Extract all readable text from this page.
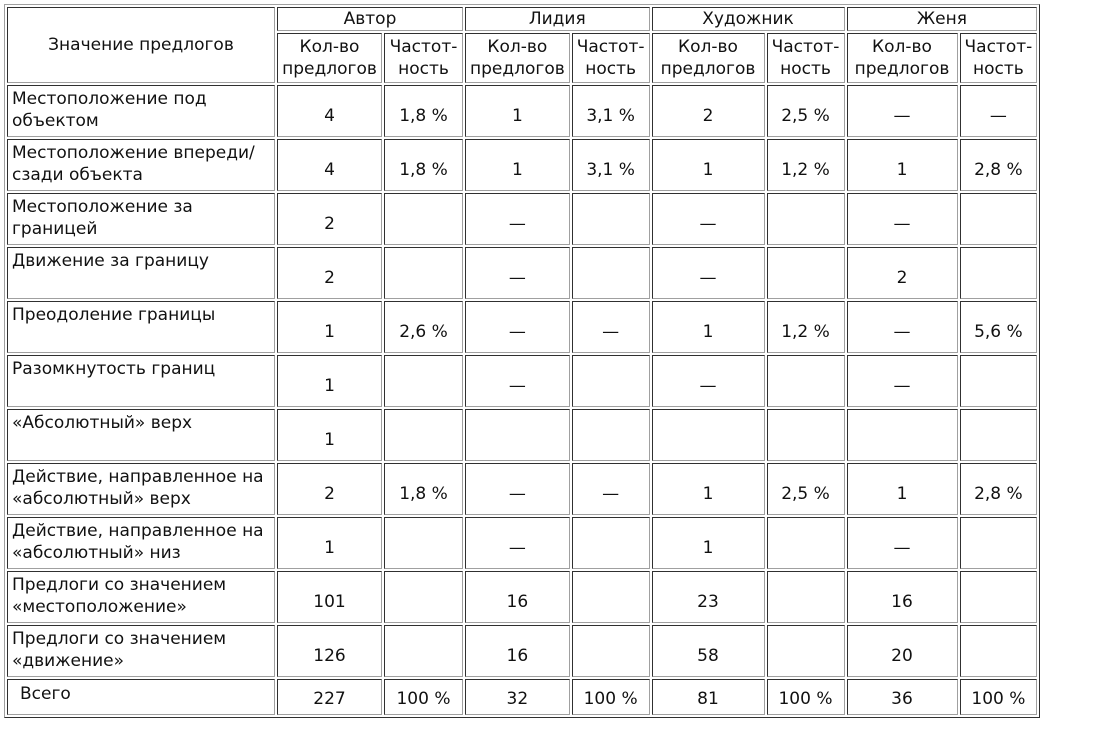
Значение предлогов	Автор		Лидия		Художник		Женя	
	Кол-во предлогов	Частот-ность	Кол-во предлогов	Частот-ность	Кол-во предлогов	Частот-ность	Кол-во предлогов	Частот-ность
Местоположение под объектом	4	1,8 %	1	3,1 %	2	2,5 %	—	—
Местоположение впереди/сзади объекта	4	1,8 %	1	3,1 %	1	1,2 %	1	2,8 %
Местоположение за границей	2		—		—		—	
Движение за границу	2		—		—		2	
Преодоление границы	1	2,6 %	—	—	1	1,2 %	—	5,6 %
Разомкнутость границ	1		—		—		—	
«Абсолютный» верх	1							
Действие, направленное на «абсолютный» верх	2	1,8 %	—	—	1	2,5 %	1	2,8 %
Действие, направленное на «абсолютный» низ	1		—		1		—	
Предлоги со значением «местоположение»	101		16		23		16	
Предлоги со значением «движение»	126		16		58		20	
Всего	227	100 %	32	100 %	81	100 %	36	100 %
